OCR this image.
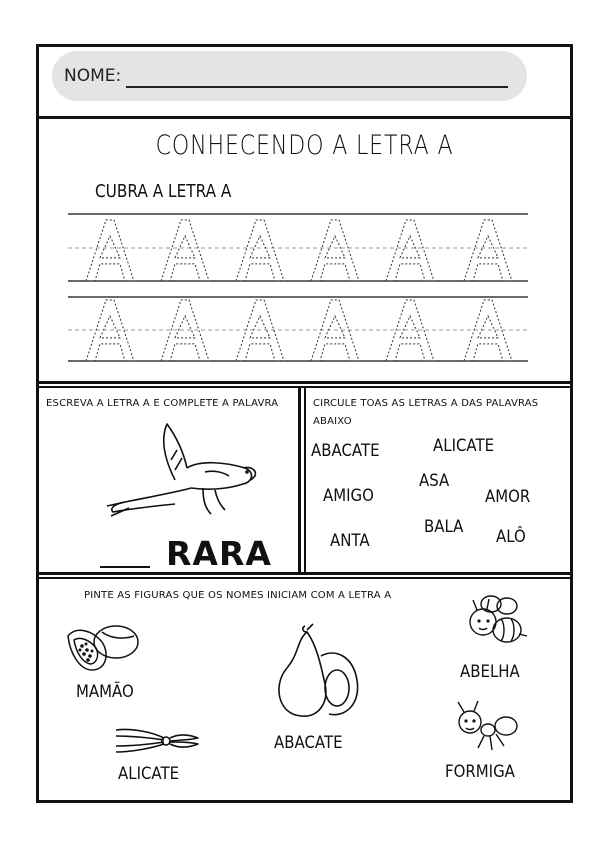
NOME:
CONHECENDO A LETRA A
CUBRA A LETRA A
ESCREVA A LETRA A E COMPLETE A PALAVRA
RARA
CIRCULE TOAS AS LETRAS A DAS PALAVRAS
ABAIXO
ABACATE	ALICATE
ASA
AMIGO	AMOR
BALA
ANTA	ALÔ
PINTE AS FIGURAS QUE OS NOMES INICIAM COM A LETRA A
MAMÃO
ABACATE
ABELHA
ALICATE	FORMIGA
